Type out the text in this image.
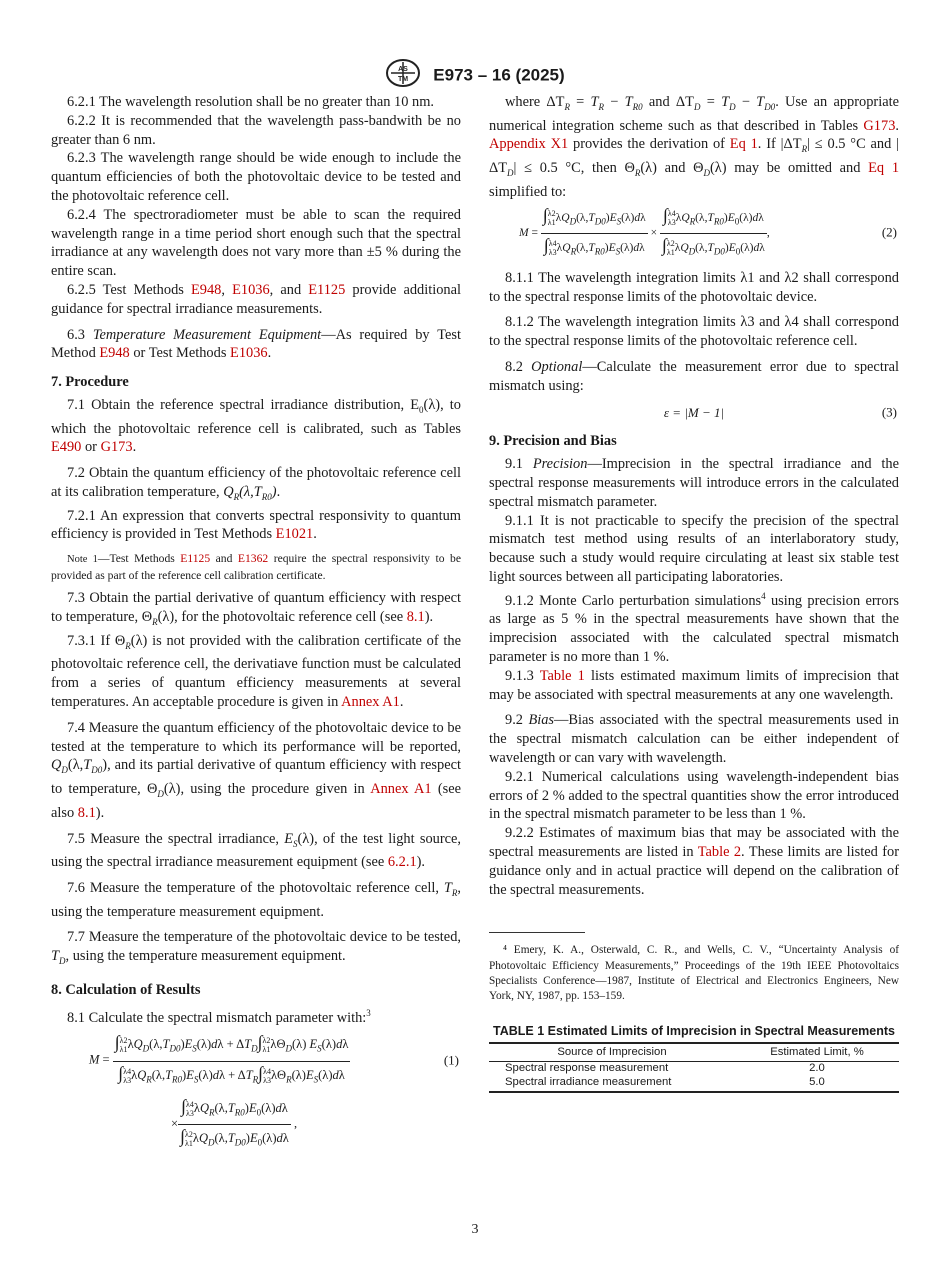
AS
TM E973 – 16 (2025)

6.2.1 The wavelength resolution shall be no greater than 10 nm.

6.2.2 It is recommended that the wavelength pass-bandwith be no greater than 6 nm.

6.2.3 The wavelength range should be wide enough to include the quantum efficiencies of both the photovoltaic device to be tested and the photovoltaic reference cell.

6.2.4 The spectroradiometer must be able to scan the required wavelength range in a time period short enough such that the spectral irradiance at any wavelength does not vary more than ±5 % during the entire scan.

6.2.5 Test Methods E948, E1036, and E1125 provide additional guidance for spectral irradiance measurements.

6.3 Temperature Measurement Equipment—As required by Test Method E948 or Test Methods E1036.

7. Procedure

7.1 Obtain the reference spectral irradiance distribution, $E_0(\lambda)$, to which the photovoltaic reference cell is calibrated, such as Tables E490 or G173.

7.2 Obtain the quantum efficiency of the photovoltaic reference cell at its calibration temperature, $Q_R(\lambda,T_{R0})$.

7.2.1 An expression that converts spectral responsivity to quantum efficiency is provided in Test Methods E1021.

Note 1—Test Methods E1125 and E1362 require the spectral responsivity to be provided as part of the reference cell calibration certificate.

7.3 Obtain the partial derivative of quantum efficiency with respect to temperature, $\Theta_R(\lambda)$, for the photovoltaic reference cell (see 8.1).

7.3.1 If $\Theta_R(\lambda)$ is not provided with the calibration certificate of the photovoltaic reference cell, the derivatiave function must be calculated from a series of quantum efficiency measurements at several temperatures. An acceptable procedure is given in Annex A1.

7.4 Measure the quantum efficiency of the photovoltaic device to be tested at the temperature to which its performance will be reported, $Q_D(\lambda,T_{D0})$, and its partial derivative of quantum efficiency with respect to temperature, $\Theta_D(\lambda)$, using the procedure given in Annex A1 (see also 8.1).

7.5 Measure the spectral irradiance, $E_S(\lambda)$, of the test light source, using the spectral irradiance measurement equipment (see 6.2.1).

7.6 Measure the temperature of the photovoltaic reference cell, $T_R$, using the temperature measurement equipment.

7.7 Measure the temperature of the photovoltaic device to be tested, $T_D$, using the temperature measurement equipment.

8. Calculation of Results

8.1 Calculate the spectral mismatch parameter with:$^3$

M =
∫λ2
$\lambda 1\lambda Q_D(\lambda,T_{D0})E_S(\lambda)d\lambda + \Delta T_D\int\lambda 2$
$\lambda 1\lambda\Theta_D(\lambda)$ $E_S(\lambda)d\lambda$
∫λ4
$\lambda 3\lambda Q_R(\lambda,T_{R0})E_S(\lambda)d\lambda + \Delta T_R\int\lambda 4$
$\lambda 3\lambda\Theta_R(\lambda)E_S(\lambda)d\lambda$
(1)
×
∫λ4
$\lambda 3\lambda Q_R(\lambda,T_{R0})E_0(\lambda)d\lambda$
∫λ2
$\lambda 1\lambda Q_D(\lambda,T_{D0})E_0(\lambda)d\lambda$
,

where $\Delta T_R = T_R - T_{R0}$ and $\Delta T_D = T_D - T_{D0}$. Use an appropriate numerical integration scheme such as that described in Tables G173. Appendix X1 provides the derivation of Eq 1. If $|\Delta T_R| \le 0.5$ °C and $|\Delta T_D| \le 0.5$ °C, then $\Theta_R(\lambda)$ and $\Theta_D(\lambda)$ may be omitted and Eq 1 simplified to:

M =
∫λ2
$\lambda 1\lambda Q_D(\lambda,T_{D0})E_S(\lambda)d\lambda$
∫λ4
$\lambda 3\lambda Q_R(\lambda,T_{R0})E_S(\lambda)d\lambda$
×
∫λ4
$\lambda 3\lambda Q_R(\lambda,T_{R0})E_0(\lambda)d\lambda$
∫λ2
$\lambda 1\lambda Q_D(\lambda,T_{D0})E_0(\lambda)d\lambda$
,	(2)

8.1.1 The wavelength integration limits λ1 and λ2 shall correspond to the spectral response limits of the photovoltaic device.

8.1.2 The wavelength integration limits λ3 and λ4 shall correspond to the spectral response limits of the photovoltaic reference cell.

8.2 Optional—Calculate the measurement error due to spectral mismatch using:

ε = |M − 1|	(3)
9. Precision and Bias

9.1 Precision—Imprecision in the spectral irradiance and the spectral response measurements will introduce errors in the calculated spectral mismatch parameter.

9.1.1 It is not practicable to specify the precision of the spectral mismatch test method using results of an interlaboratory study, because such a study would require circulating at least six stable test light sources between all participating laboratories.

9.1.2 Monte Carlo perturbation simulations$^4$ using precision errors as large as 5 % in the spectral measurements have shown that the imprecision associated with the calculated spectral mismatch parameter is no more than 1 %.

9.1.3 Table 1 lists estimated maximum limits of imprecision that may be associated with spectral measurements at any one wavelength.

9.2 Bias—Bias associated with the spectral measurements used in the spectral mismatch calculation can be either independent of wavelength or can vary with wavelength.

9.2.1 Numerical calculations using wavelength-independent bias errors of 2 % added to the spectral quantities show the error introduced in the spectral mismatch parameter to be less than 1 %.

9.2.2 Estimates of maximum bias that may be associated with the spectral measurements are listed in Table 2. These limits are listed for guidance only and in actual practice will depend on the calibration of the spectral measurements.

⁴ Emery, K. A., Osterwald, C. R., and Wells, C. V., “Uncertainty Analysis of Photovoltaic Efficiency Measurements,” Proceedings of the 19th IEEE Photovoltaics Specialists Conference—1987, Institute of Electrical and Electronics Engineers, New York, NY, 1987, pp. 153–159.
TABLE 1 Estimated Limits of Imprecision in Spectral Measurements
Source of Imprecision	Estimated Limit, %
Spectral response measurement	2.0
Spectral irradiance measurement	5.0
3
